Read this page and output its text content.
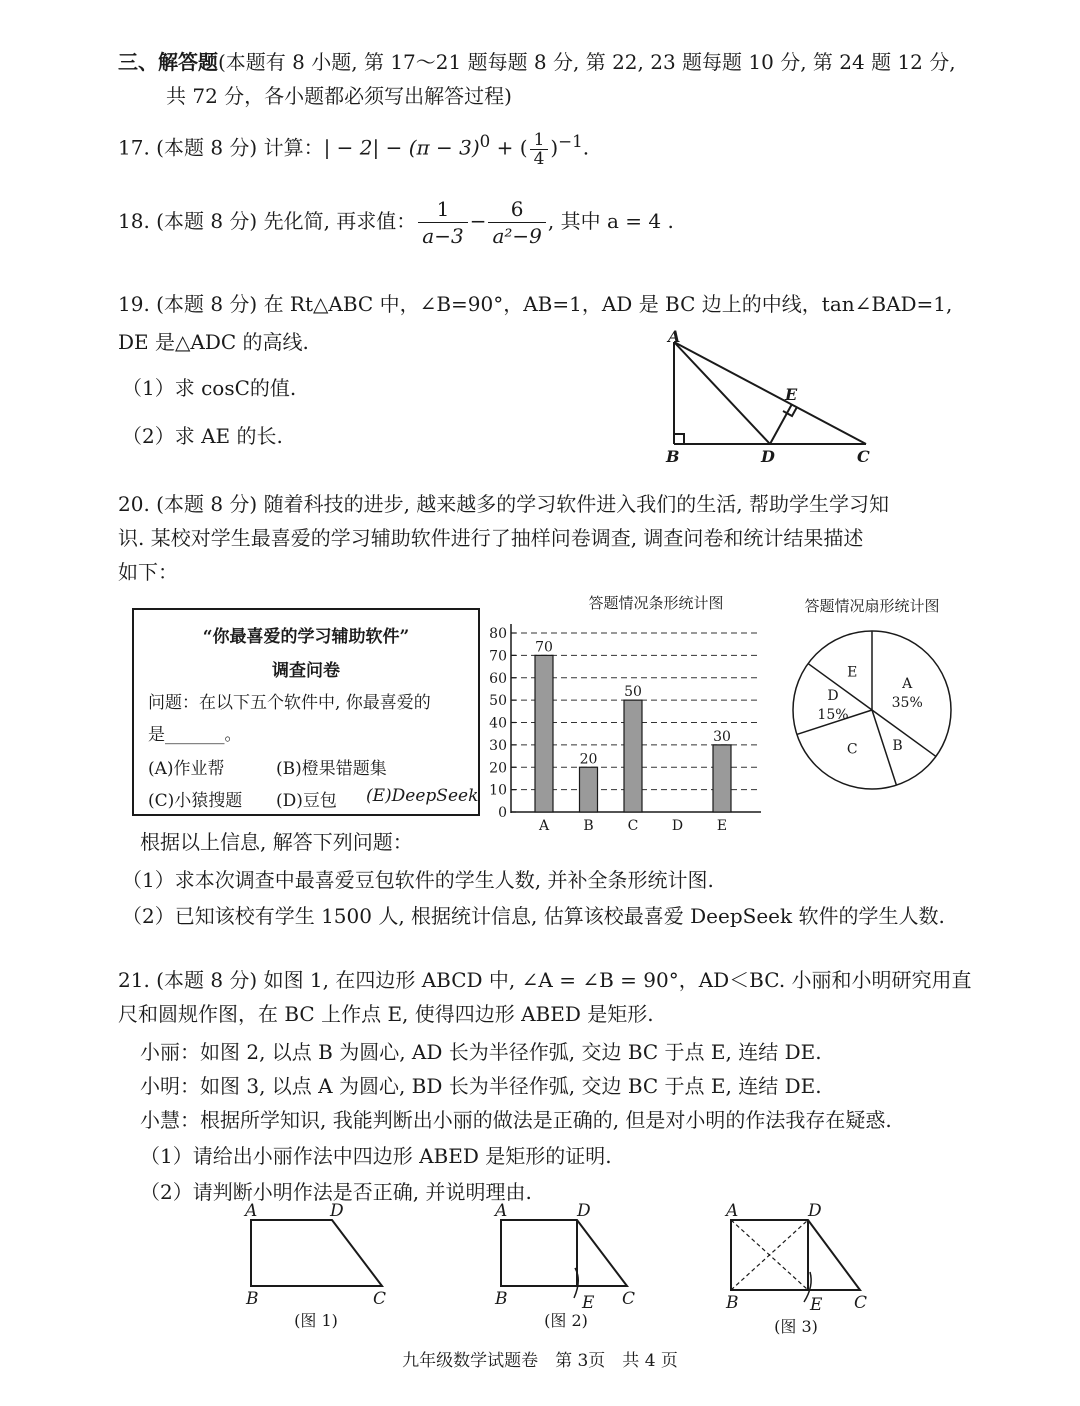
三、解答题(本题有 8 小题, 第 17～21 题每题 8 分, 第 22, 23 题每题 10 分, 第 24 题 12 分,
共 72 分，各小题都必须写出解答过程)
17. (本题 8 分) 计算：| − $2| - (\pi - 3)^0$ + ( $\frac{1}{4} )^{-1}$.
18. (本题 8 分) 先化简, 再求值： $\frac{1}{a-3} - \frac{6}{\text{a²−9}}$ , 其中 a = 4 .
19. (本题 8 分) 在 Rt△ABC 中，∠B=90°，AB=1，AD 是 BC 边上的中线，tan∠BAD=1,
DE 是△ADC 的高线.
（1）求 cosC的值.
（2）求 AE 的长.
A
B	D	C
E
20. (本题 8 分) 随着科技的进步, 越来越多的学习软件进入我们的生活, 帮助学生学习知
识. 某校对学生最喜爱的学习辅助软件进行了抽样问卷调查, 调查问卷和统计结果描述
如下：
“你最喜爱的学习辅助软件”
调查问卷
问题：在以下五个软件中, 你最喜爱的
是_______。
(A)作业帮	(B)橙果错题集
(C)小猿搜题 (D)豆包 (E)DeepSeek
答题情况条形统计图
0
10
20
30
40
50
60
70
80
70
20
50
30
A B C D E
答题情况扇形统计图
A
35%
B
C
D
15%
E
根据以上信息, 解答下列问题：
（1）求本次调查中最喜爱豆包软件的学生人数, 并补全条形统计图.
（2）已知该校有学生 1500 人, 根据统计信息, 估算该校最喜爱 DeepSeek 软件的学生人数.
21. (本题 8 分) 如图 1, 在四边形 ABCD 中, ∠A = ∠B = 90°，AD＜BC. 小丽和小明研究用直
尺和圆规作图，在 BC 上作点 E, 使得四边形 ABED 是矩形.
小丽：如图 2, 以点 B 为圆心, AD 长为半径作弧, 交边 BC 于点 E, 连结 DE.
小明：如图 3, 以点 A 为圆心, BD 长为半径作弧, 交边 BC 于点 E, 连结 DE.
小慧：根据所学知识, 我能判断出小丽的做法是正确的, 但是对小明的作法我存在疑惑.
（1）请给出小丽作法中四边形 ABED 是矩形的证明.
（2）请判断小明作法是否正确, 并说明理由.
A	D
B	C
(图 1)
A	D
B	E C
(图 2)
A	D
B	E C
(图 3)
九年级数学试题卷　第 3页　共 4 页
